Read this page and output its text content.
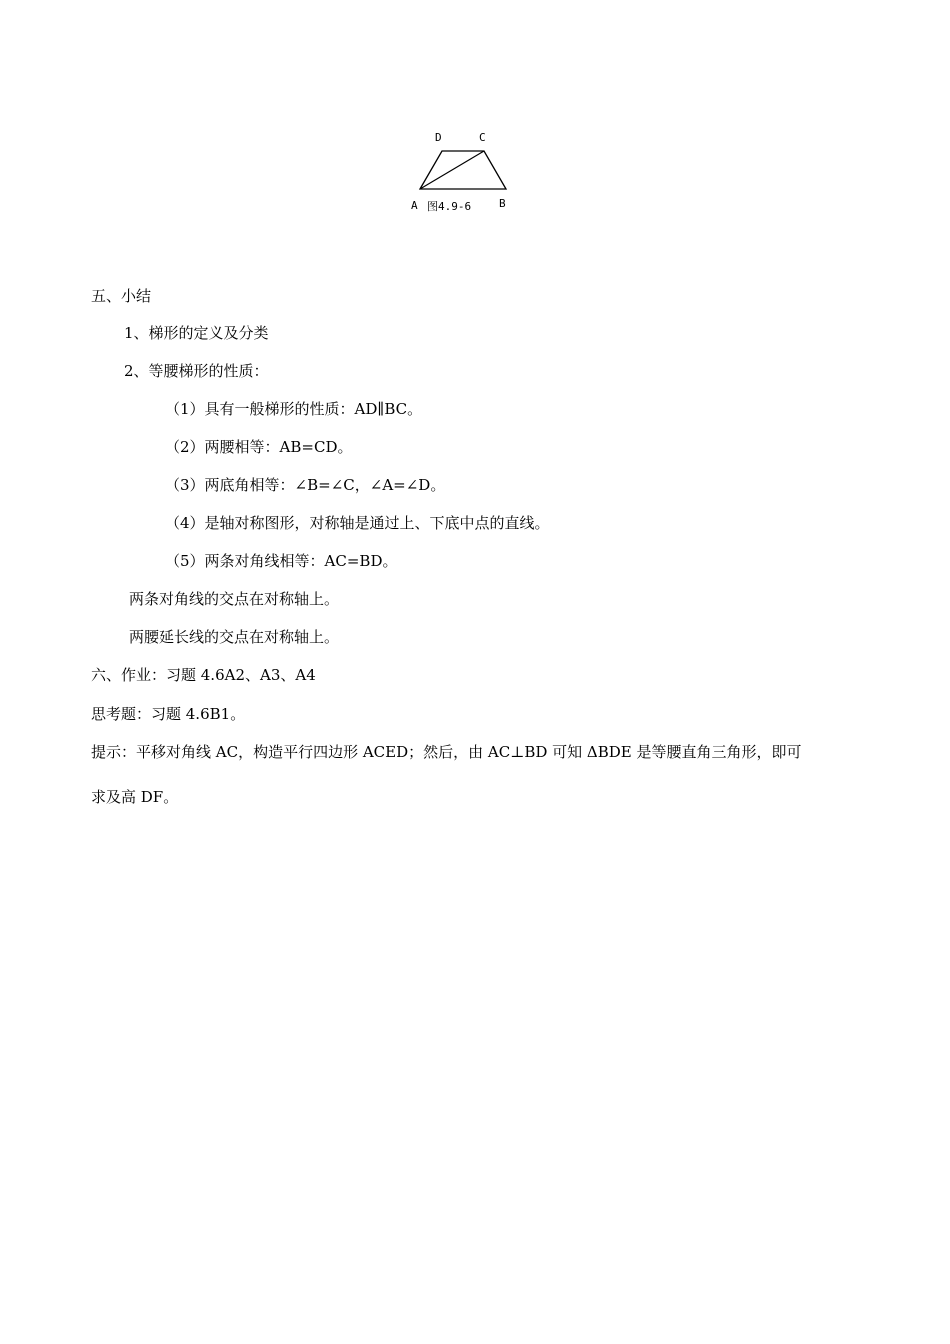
D	C
A 图4.9-6	B
五、小结
1、梯形的定义及分类
2、等腰梯形的性质：
（1）具有一般梯形的性质：AD∥BC。
（2）两腰相等：AB=CD。
（3）两底角相等：∠B=∠C，∠A=∠D。
（4）是轴对称图形，对称轴是通过上、下底中点的直线。
（5）两条对角线相等：AC=BD。
两条对角线的交点在对称轴上。
两腰延长线的交点在对称轴上。
六、作业：习题 4.6A2、A3、A4
思考题：习题 4.6B1。
提示：平移对角线 AC，构造平行四边形 ACED；然后，由 AC⊥BD 可知 ΔBDE 是等腰直角三角形，即可
求及高 DF。
